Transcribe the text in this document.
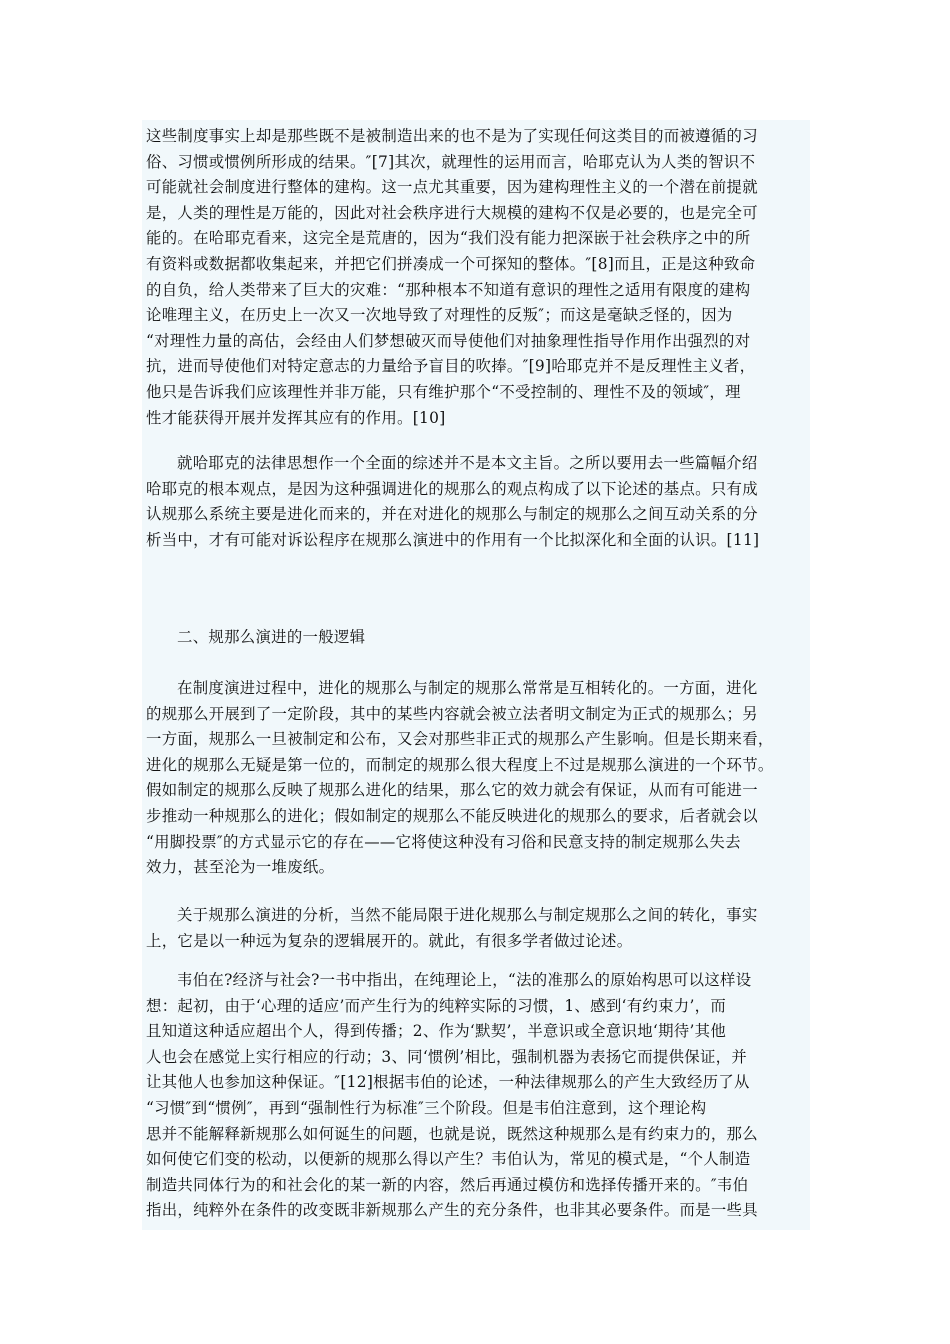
这些制度事实上却是那些既不是被制造出来的也不是为了实现任何这类目的而被遵循的习
俗、习惯或惯例所形成的结果。″[7]其次，就理性的运用而言，哈耶克认为人类的智识不
可能就社会制度进行整体的建构。这一点尤其重要，因为建构理性主义的一个潜在前提就
是，人类的理性是万能的，因此对社会秩序进行大规模的建构不仅是必要的，也是完全可
能的。在哈耶克看来，这完全是荒唐的，因为“我们没有能力把深嵌于社会秩序之中的所
有资料或数据都收集起来，并把它们拼凑成一个可探知的整体。″[8]而且，正是这种致命
的自负，给人类带来了巨大的灾难：“那种根本不知道有意识的理性之适用有限度的建构
论唯理主义，在历史上一次又一次地导致了对理性的反叛″；而这是毫缺乏怪的，因为
“对理性力量的高估，会经由人们梦想破灭而导使他们对抽象理性指导作用作出强烈的对
抗，进而导使他们对特定意志的力量给予盲目的吹捧。″[9]哈耶克并不是反理性主义者，
他只是告诉我们应该理性并非万能，只有维护那个“不受控制的、理性不及的领域″，理
性才能获得开展并发挥其应有的作用。[10]
就哈耶克的法律思想作一个全面的综述并不是本文主旨。之所以要用去一些篇幅介绍
哈耶克的根本观点，是因为这种强调进化的规那么的观点构成了以下论述的基点。只有成
认规那么系统主要是进化而来的，并在对进化的规那么与制定的规那么之间互动关系的分
析当中，才有可能对诉讼程序在规那么演进中的作用有一个比拟深化和全面的认识。[11]
二、规那么演进的一般逻辑
在制度演进过程中，进化的规那么与制定的规那么常常是互相转化的。一方面，进化
的规那么开展到了一定阶段，其中的某些内容就会被立法者明文制定为正式的规那么；另
一方面，规那么一旦被制定和公布，又会对那些非正式的规那么产生影响。但是长期来看，
进化的规那么无疑是第一位的，而制定的规那么很大程度上不过是规那么演进的一个环节。
假如制定的规那么反映了规那么进化的结果，那么它的效力就会有保证，从而有可能进一
步推动一种规那么的进化；假如制定的规那么不能反映进化的规那么的要求，后者就会以
“用脚投票″的方式显示它的存在——它将使这种没有习俗和民意支持的制定规那么失去
效力，甚至沦为一堆废纸。
关于规那么演进的分析，当然不能局限于进化规那么与制定规那么之间的转化，事实
上，它是以一种远为复杂的逻辑展开的。就此，有很多学者做过论述。
韦伯在?经济与社会?一书中指出，在纯理论上，“法的准那么的原始构思可以这样设
想：起初，由于‘心理的适应’而产生行为的纯粹实际的习惯，1、感到‘有约束力’，而
且知道这种适应超出个人，得到传播；2、作为‘默契’，半意识或全意识地‘期待’其他
人也会在感觉上实行相应的行动；3、同‘惯例’相比，强制机器为表扬它而提供保证，并
让其他人也参加这种保证。″[12]根据韦伯的论述，一种法律规那么的产生大致经历了从
“习惯″到“惯例″，再到“强制性行为标准″三个阶段。但是韦伯注意到，这个理论构
思并不能解释新规那么如何诞生的问题，也就是说，既然这种规那么是有约束力的，那么
如何使它们变的松动，以便新的规那么得以产生？韦伯认为，常见的模式是，“个人制造
制造共同体行为的和社会化的某一新的内容，然后再通过模仿和选择传播开来的。″韦伯
指出，纯粹外在条件的改变既非新规那么产生的充分条件，也非其必要条件。而是一些具
